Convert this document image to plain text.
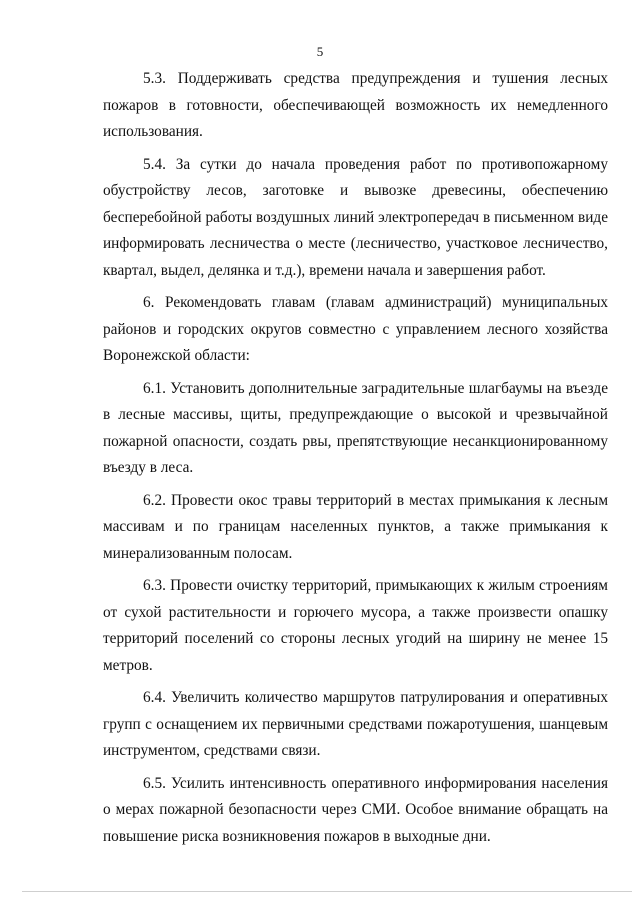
5

5.3. Поддерживать средства предупреждения и тушения лесных пожаров в готовности, обеспечивающей возможность их немедленного использования.

5.4. За сутки до начала проведения работ по противопожарному обустройству лесов, заготовке и вывозке древесины, обеспечению бесперебойной работы воздушных линий электропередач в письменном виде информировать лесничества о месте (лесничество, участковое лесничество, квартал, выдел, делянка и т.д.), времени начала и завершения работ.

6. Рекомендовать главам (главам администраций) муниципальных районов и городских округов совместно с управлением лесного хозяйства Воронежской области:

6.1. Установить дополнительные заградительные шлагбаумы на въезде в лесные массивы, щиты, предупреждающие о высокой и чрезвычайной пожарной опасности, создать рвы, препятствующие несанкционированному въезду в леса.

6.2. Провести окос травы территорий в местах примыкания к лесным массивам и по границам населенных пунктов, а также примыкания к минерализованным полосам.

6.3. Провести очистку территорий, примыкающих к жилым строениям от сухой растительности и горючего мусора, а также произвести опашку территорий поселений со стороны лесных угодий на ширину не менее 15 метров.

6.4. Увеличить количество маршрутов патрулирования и оперативных групп с оснащением их первичными средствами пожаротушения, шанцевым инструментом, средствами связи.

6.5. Усилить интенсивность оперативного информирования населения о мерах пожарной безопасности через СМИ. Особое внимание обращать на повышение риска возникновения пожаров в выходные дни.
